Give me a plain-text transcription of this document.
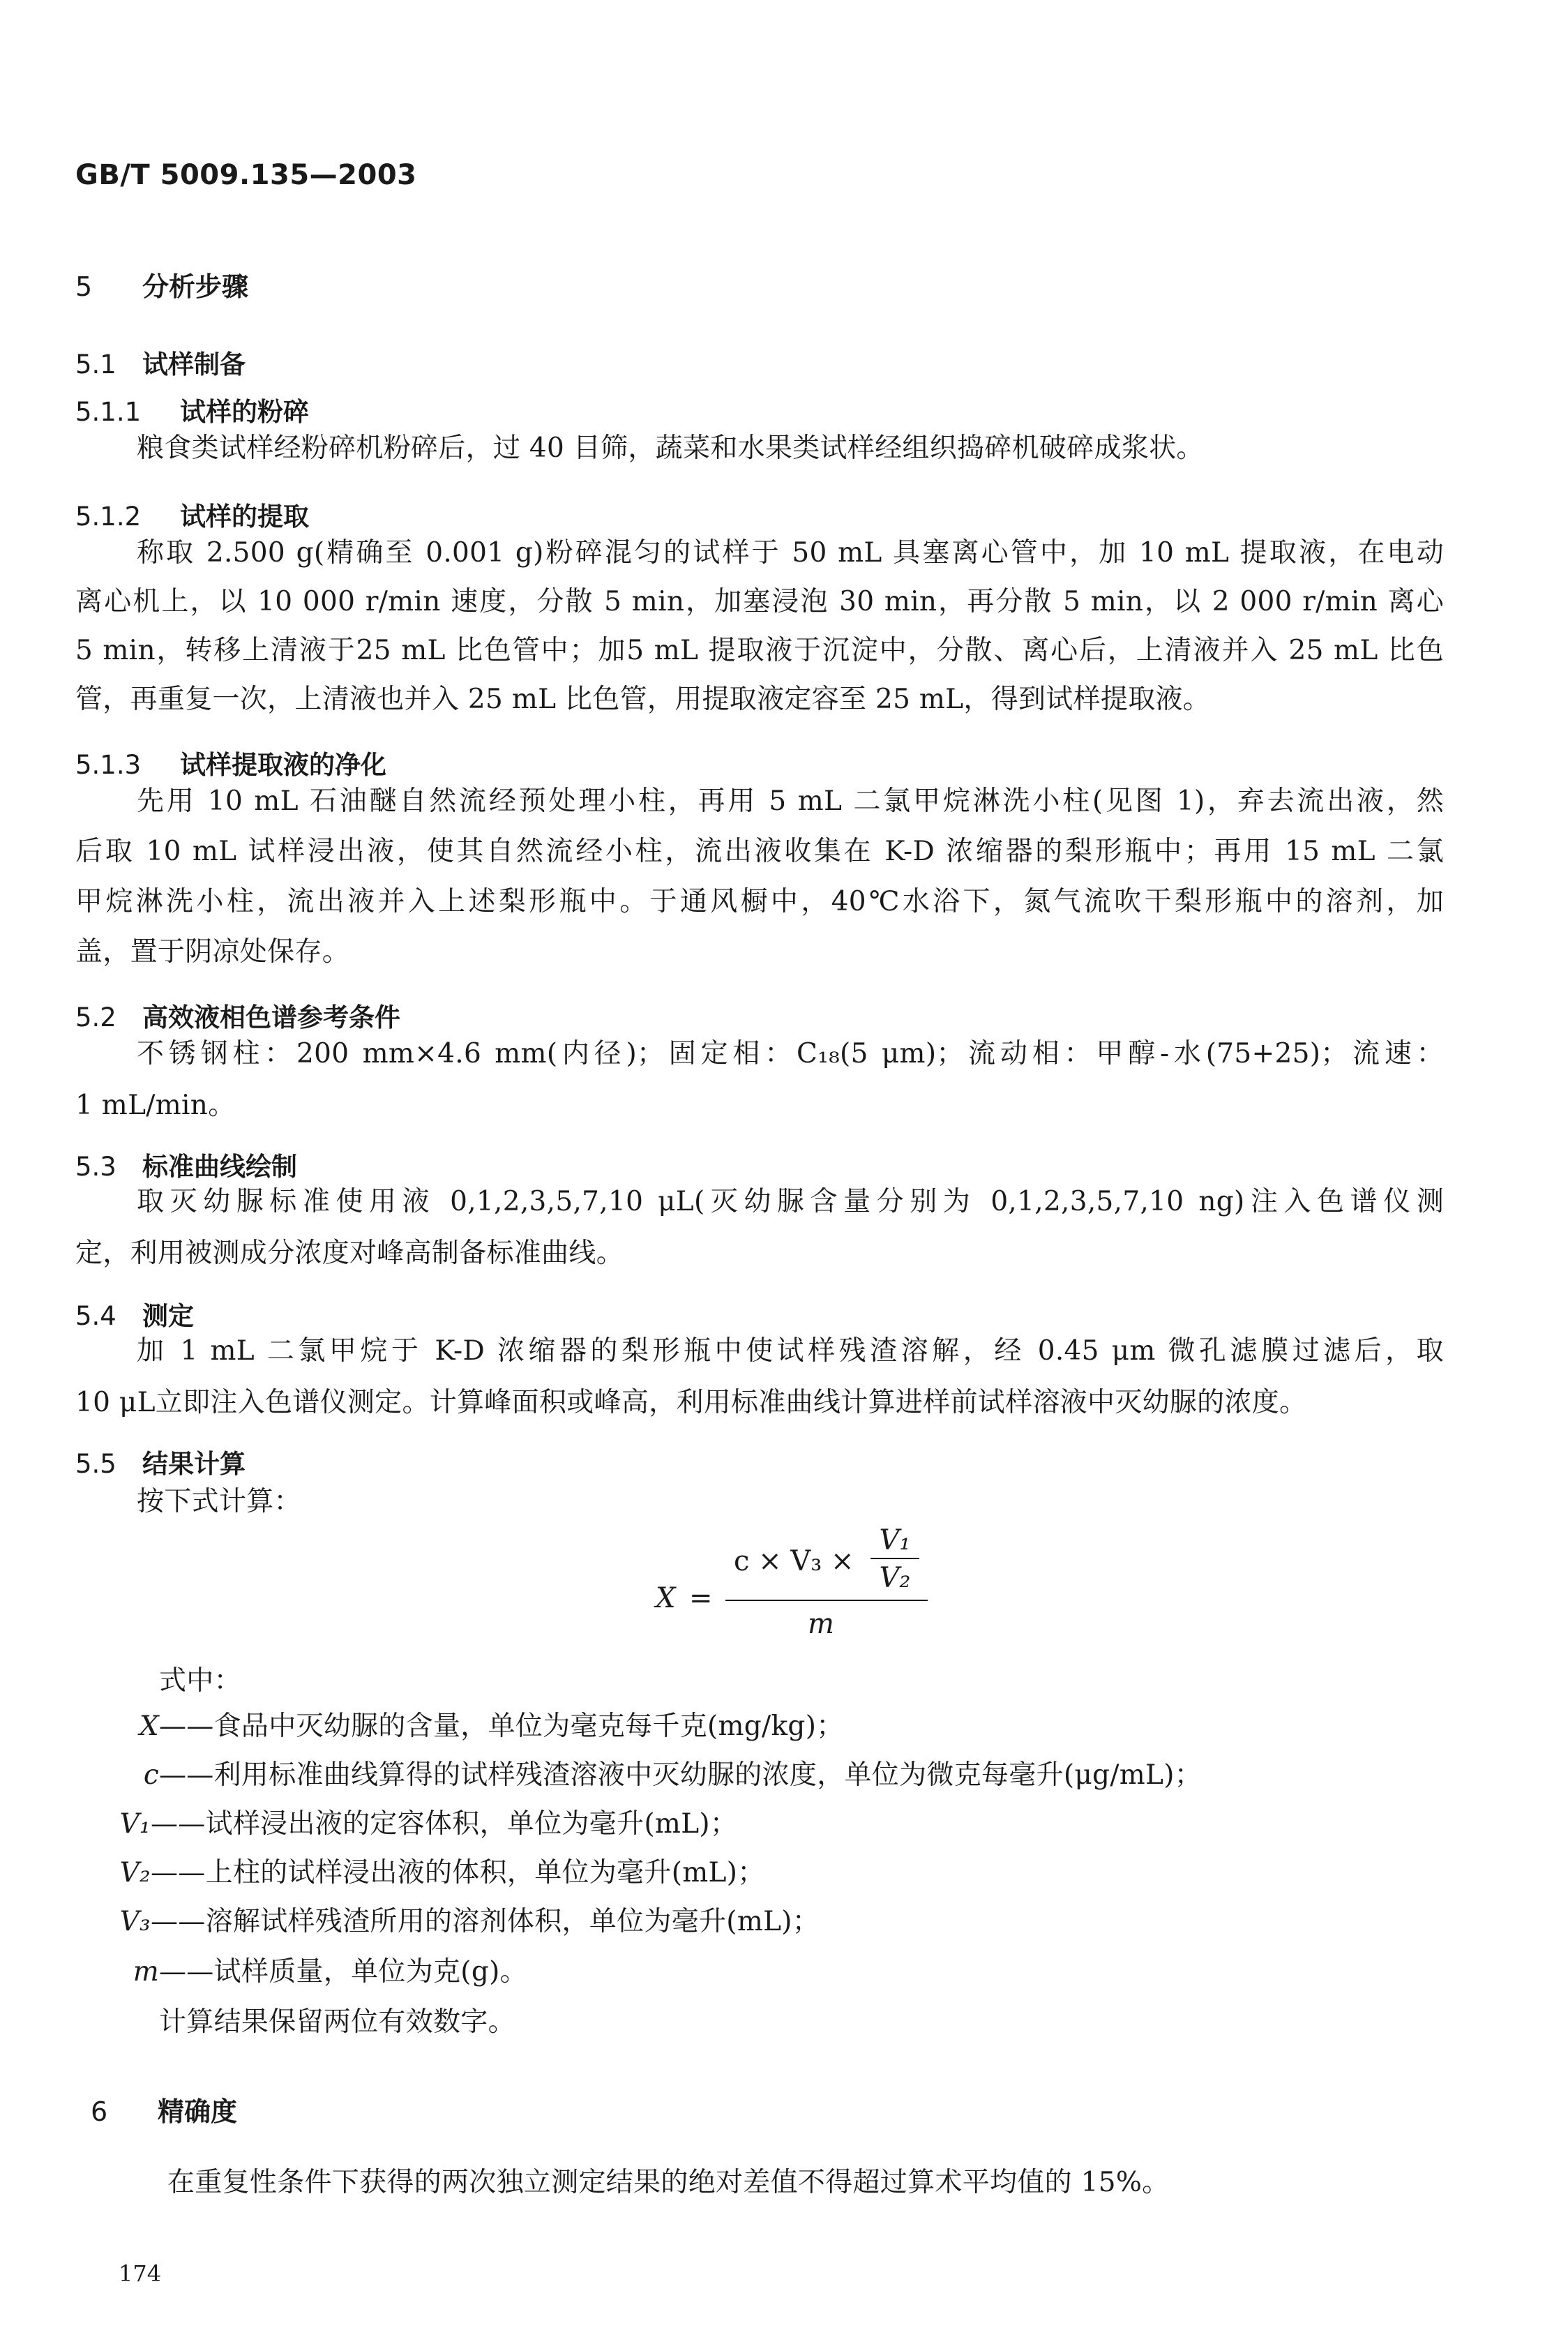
GB/T 5009.135—2003
5 分析步骤
5.1 试样制备
5.1.1 试样的粉碎
粮食类试样经粉碎机粉碎后，过 40 目筛，蔬菜和水果类试样经组织捣碎机破碎成浆状。
5.1.2 试样的提取
称取 2.500 g(精确至 0.001 g)粉碎混匀的试样于 50 mL 具塞离心管中，加 10 mL 提取液，在电动
离心机上，以 10 000 r/min 速度，分散 5 min，加塞浸泡 30 min，再分散 5 min，以 2 000 r/min 离心
5 min，转移上清液于25 mL 比色管中；加5 mL 提取液于沉淀中，分散、离心后，上清液并入 25 mL 比色
管，再重复一次，上清液也并入 25 mL 比色管，用提取液定容至 25 mL，得到试样提取液。
5.1.3 试样提取液的净化
先用 10 mL 石油醚自然流经预处理小柱，再用 5 mL 二氯甲烷淋洗小柱(见图 1)，弃去流出液，然
后取 10 mL 试样浸出液，使其自然流经小柱，流出液收集在 K-D 浓缩器的梨形瓶中；再用 15 mL 二氯
甲烷淋洗小柱，流出液并入上述梨形瓶中。于通风橱中，40℃水浴下，氮气流吹干梨形瓶中的溶剂，加
盖，置于阴凉处保存。
5.2 高效液相色谱参考条件
不锈钢柱：200 mm×4.6 mm(内径)；固定相：C₁₈(5 μm)；流动相：甲醇-水(75+25)；流速：
1 mL/min。
5.3 标准曲线绘制
取灭幼脲标准使用液 0,1,2,3,5,7,10 μL(灭幼脲含量分别为 0,1,2,3,5,7,10 ng)注入色谱仪测
定，利用被测成分浓度对峰高制备标准曲线。
5.4 测定
加 1 mL 二氯甲烷于 K-D 浓缩器的梨形瓶中使试样残渣溶解，经 0.45 μm 微孔滤膜过滤后，取
10 μL立即注入色谱仪测定。计算峰面积或峰高，利用标准曲线计算进样前试样溶液中灭幼脲的浓度。
5.5 结果计算
按下式计算：
X =
c × V₃ ×
V₁
V₂
m
式中：
X——食品中灭幼脲的含量，单位为毫克每千克(mg/kg)；
c——利用标准曲线算得的试样残渣溶液中灭幼脲的浓度，单位为微克每毫升(μg/mL)；
V₁——试样浸出液的定容体积，单位为毫升(mL)；
V₂——上柱的试样浸出液的体积，单位为毫升(mL)；
V₃——溶解试样残渣所用的溶剂体积，单位为毫升(mL)；
m——试样质量，单位为克(g)。
计算结果保留两位有效数字。
6 精确度
在重复性条件下获得的两次独立测定结果的绝对差值不得超过算术平均值的 15%。
174
